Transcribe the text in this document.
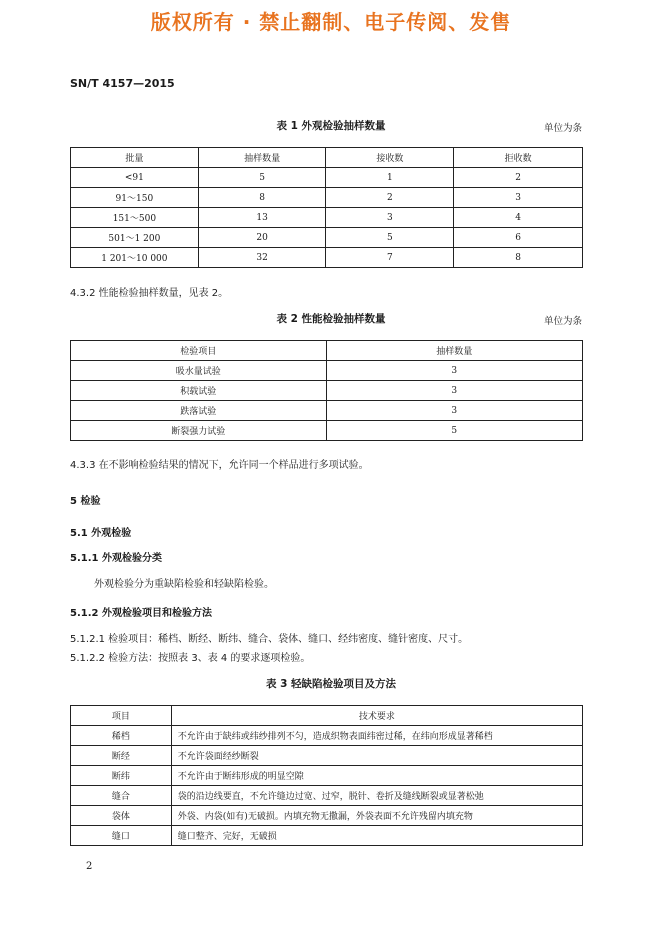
版权所有 · 禁止翻制、电子传阅、发售
SN/T 4157—2015
表 1 外观检验抽样数量	单位为条
批量	抽样数量	接收数	拒收数
<91	5	1	2
91～150	8	2	3
151～500	13	3	4
501～1 200	20	5	6
1 201～10 000	32	7	8
4.3.2 性能检验抽样数量，见表 2。
表 2 性能检验抽样数量	单位为条
检验项目	抽样数量
吸水量试验	3
积载试验	3
跌落试验	3
断裂强力试验	5
4.3.3 在不影响检验结果的情况下，允许同一个样品进行多项试验。
5 检验
5.1 外观检验
5.1.1 外观检验分类
外观检验分为重缺陷检验和轻缺陷检验。
5.1.2 外观检验项目和检验方法
5.1.2.1 检验项目：稀档、断经、断纬、缝合、袋体、缝口、经纬密度、缝针密度、尺寸。
5.1.2.2 检验方法：按照表 3、表 4 的要求逐项检验。
表 3 轻缺陷检验项目及方法
项目	技术要求
稀档	不允许由于缺纬或纬纱排列不匀，造成织物表面纬密过稀，在纬向形成显著稀档
断经	不允许袋面经纱断裂
断纬	不允许由于断纬形成的明显空隙
缝合	袋的沿边线要直，不允许缝边过宽、过窄，脱针、卷折及缝线断裂或显著松弛
袋体	外袋、内袋(如有)无破损。内填充物无撒漏，外袋表面不允许残留内填充物
缝口	缝口整齐、完好，无破损
2
